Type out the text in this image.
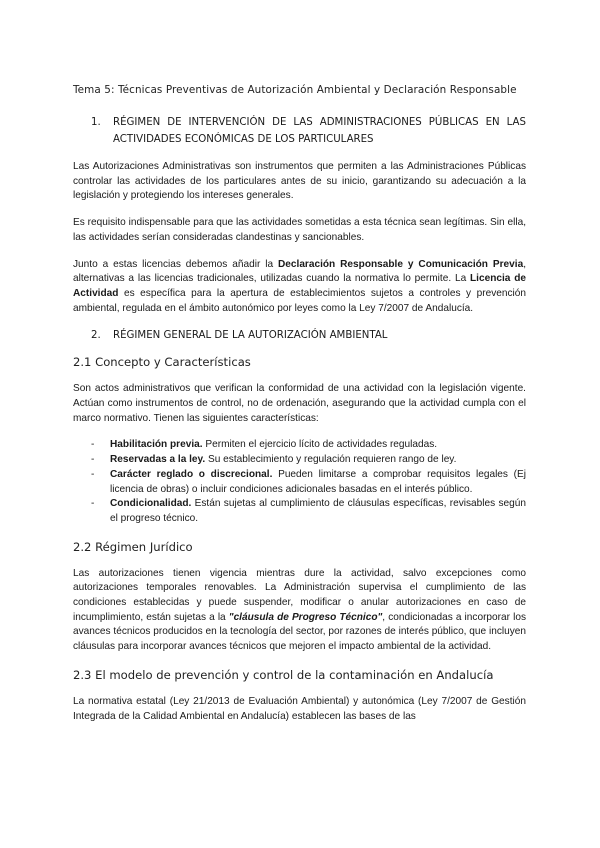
Tema 5: Técnicas Preventivas de Autorización Ambiental y Declaración Responsable
1.	RÉGIMEN DE INTERVENCIÓN DE LAS ADMINISTRACIONES PÚBLICAS EN LAS ACTIVIDADES ECONÓMICAS DE LOS PARTICULARES

Las Autorizaciones Administrativas son instrumentos que permiten a las Administraciones Públicas controlar las actividades de los particulares antes de su inicio, garantizando su adecuación a la legislación y protegiendo los intereses generales.

Es requisito indispensable para que las actividades sometidas a esta técnica sean legítimas. Sin ella, las actividades serían consideradas clandestinas y sancionables.

Junto a estas licencias debemos añadir la Declaración Responsable y Comunicación Previa, alternativas a las licencias tradicionales, utilizadas cuando la normativa lo permite. La Licencia de Actividad es específica para la apertura de establecimientos sujetos a controles y prevención ambiental, regulada en el ámbito autonómico por leyes como la Ley 7/2007 de Andalucía.

2.	RÉGIMEN GENERAL DE LA AUTORIZACIÓN AMBIENTAL
2.1 Concepto y Características

Son actos administrativos que verifican la conformidad de una actividad con la legislación vigente. Actúan como instrumentos de control, no de ordenación, asegurando que la actividad cumpla con el marco normativo. Tienen las siguientes características:

-	Habilitación previa. Permiten el ejercicio lícito de actividades reguladas.
-	Reservadas a la ley. Su establecimiento y regulación requieren rango de ley.
-	Carácter reglado o discrecional. Pueden limitarse a comprobar requisitos legales (Ej licencia de obras) o incluir condiciones adicionales basadas en el interés público.
-	Condicionalidad. Están sujetas al cumplimiento de cláusulas específicas, revisables según el progreso técnico.
2.2 Régimen Jurídico

Las autorizaciones tienen vigencia mientras dure la actividad, salvo excepciones como autorizaciones temporales renovables. La Administración supervisa el cumplimiento de las condiciones establecidas y puede suspender, modificar o anular autorizaciones en caso de incumplimiento, están sujetas a la "cláusula de Progreso Técnico", condicionadas a incorporar los avances técnicos producidos en la tecnología del sector, por razones de interés público, que incluyen cláusulas para incorporar avances técnicos que mejoren el impacto ambiental de la actividad.

2.3 El modelo de prevención y control de la contaminación en Andalucía

La normativa estatal (Ley 21/2013 de Evaluación Ambiental) y autonómica (Ley 7/2007 de Gestión Integrada de la Calidad Ambiental en Andalucía) establecen las bases de las
